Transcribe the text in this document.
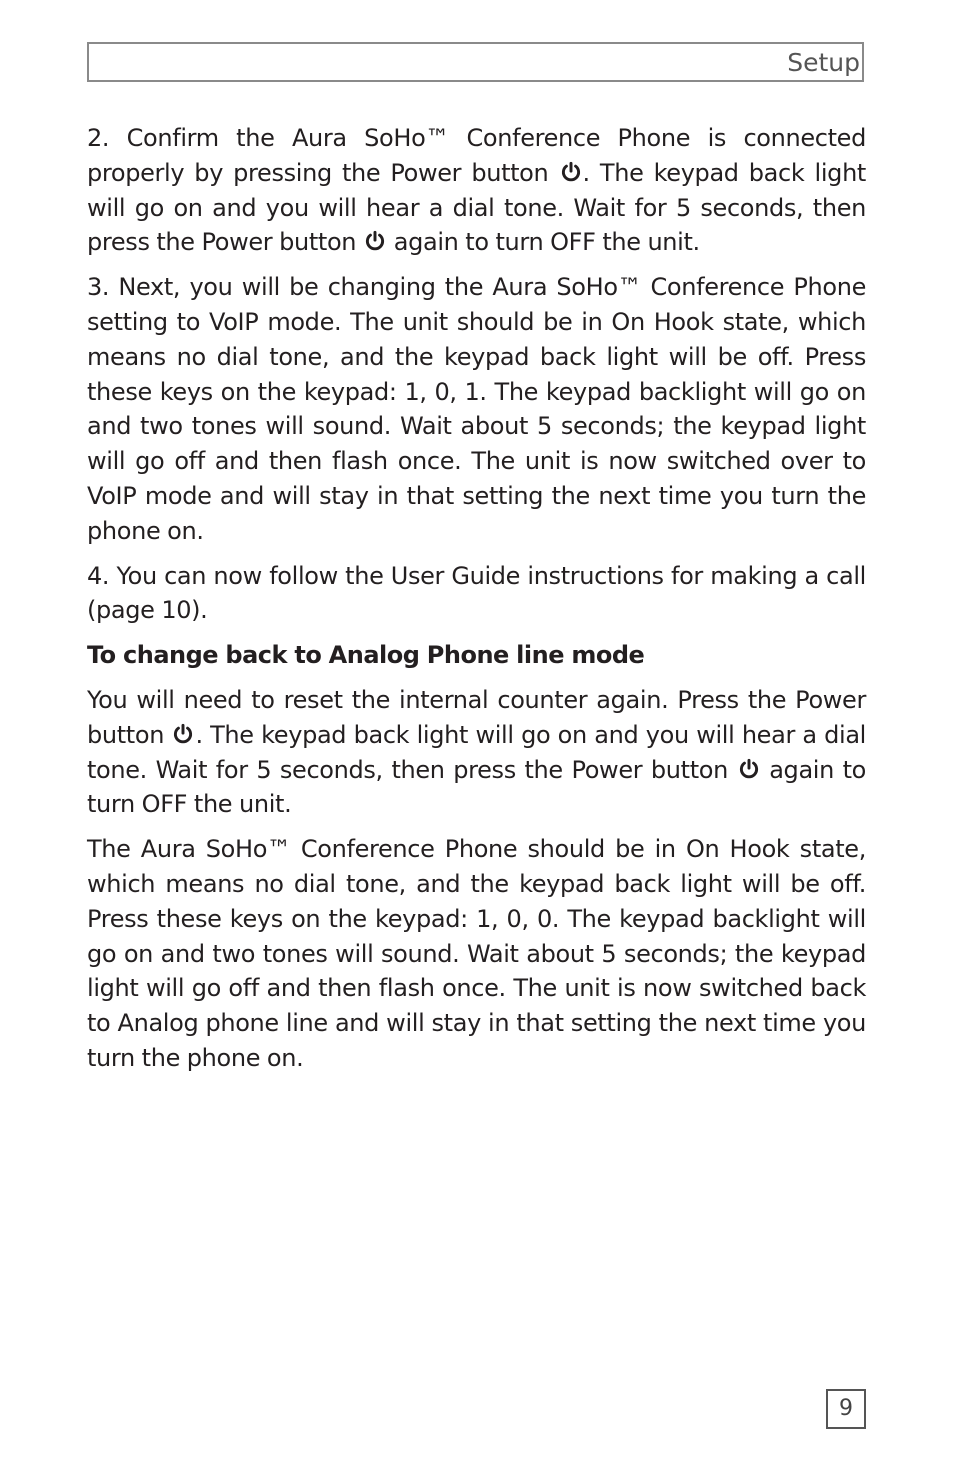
Setup

2. Confirm the Aura SoHo™ Conference Phone is connected properly by pressing the Power button
. The keypad back light will go on and you will hear a dial tone. Wait for 5 seconds, then press the Power button
again to turn OFF the unit.

3. Next, you will be changing the Aura SoHo™ Conference Phone setting to VoIP mode. The unit should be in On Hook state, which means no dial tone, and the keypad back light will be off. Press these keys on the keypad: 1, 0, 1. The keypad backlight will go on and two tones will sound. Wait about 5 seconds; the keypad light will go off and then flash once. The unit is now switched over to VoIP mode and will stay in that setting the next time you turn the phone on.

4. You can now follow the User Guide instructions for making a call (page 10).

To change back to Analog Phone line mode

You will need to reset the internal counter again. Press the Power button
. The keypad back light will go on and you will hear a dial tone. Wait for 5 seconds, then press the Power button
again to turn OFF the unit.

The Aura SoHo™ Conference Phone should be in On Hook state, which means no dial tone, and the keypad back light will be off. Press these keys on the keypad: 1, 0, 0. The keypad backlight will go on and two tones will sound. Wait about 5 seconds; the keypad light will go off and then flash once. The unit is now switched back to Analog phone line and will stay in that setting the next time you turn the phone on.

9
